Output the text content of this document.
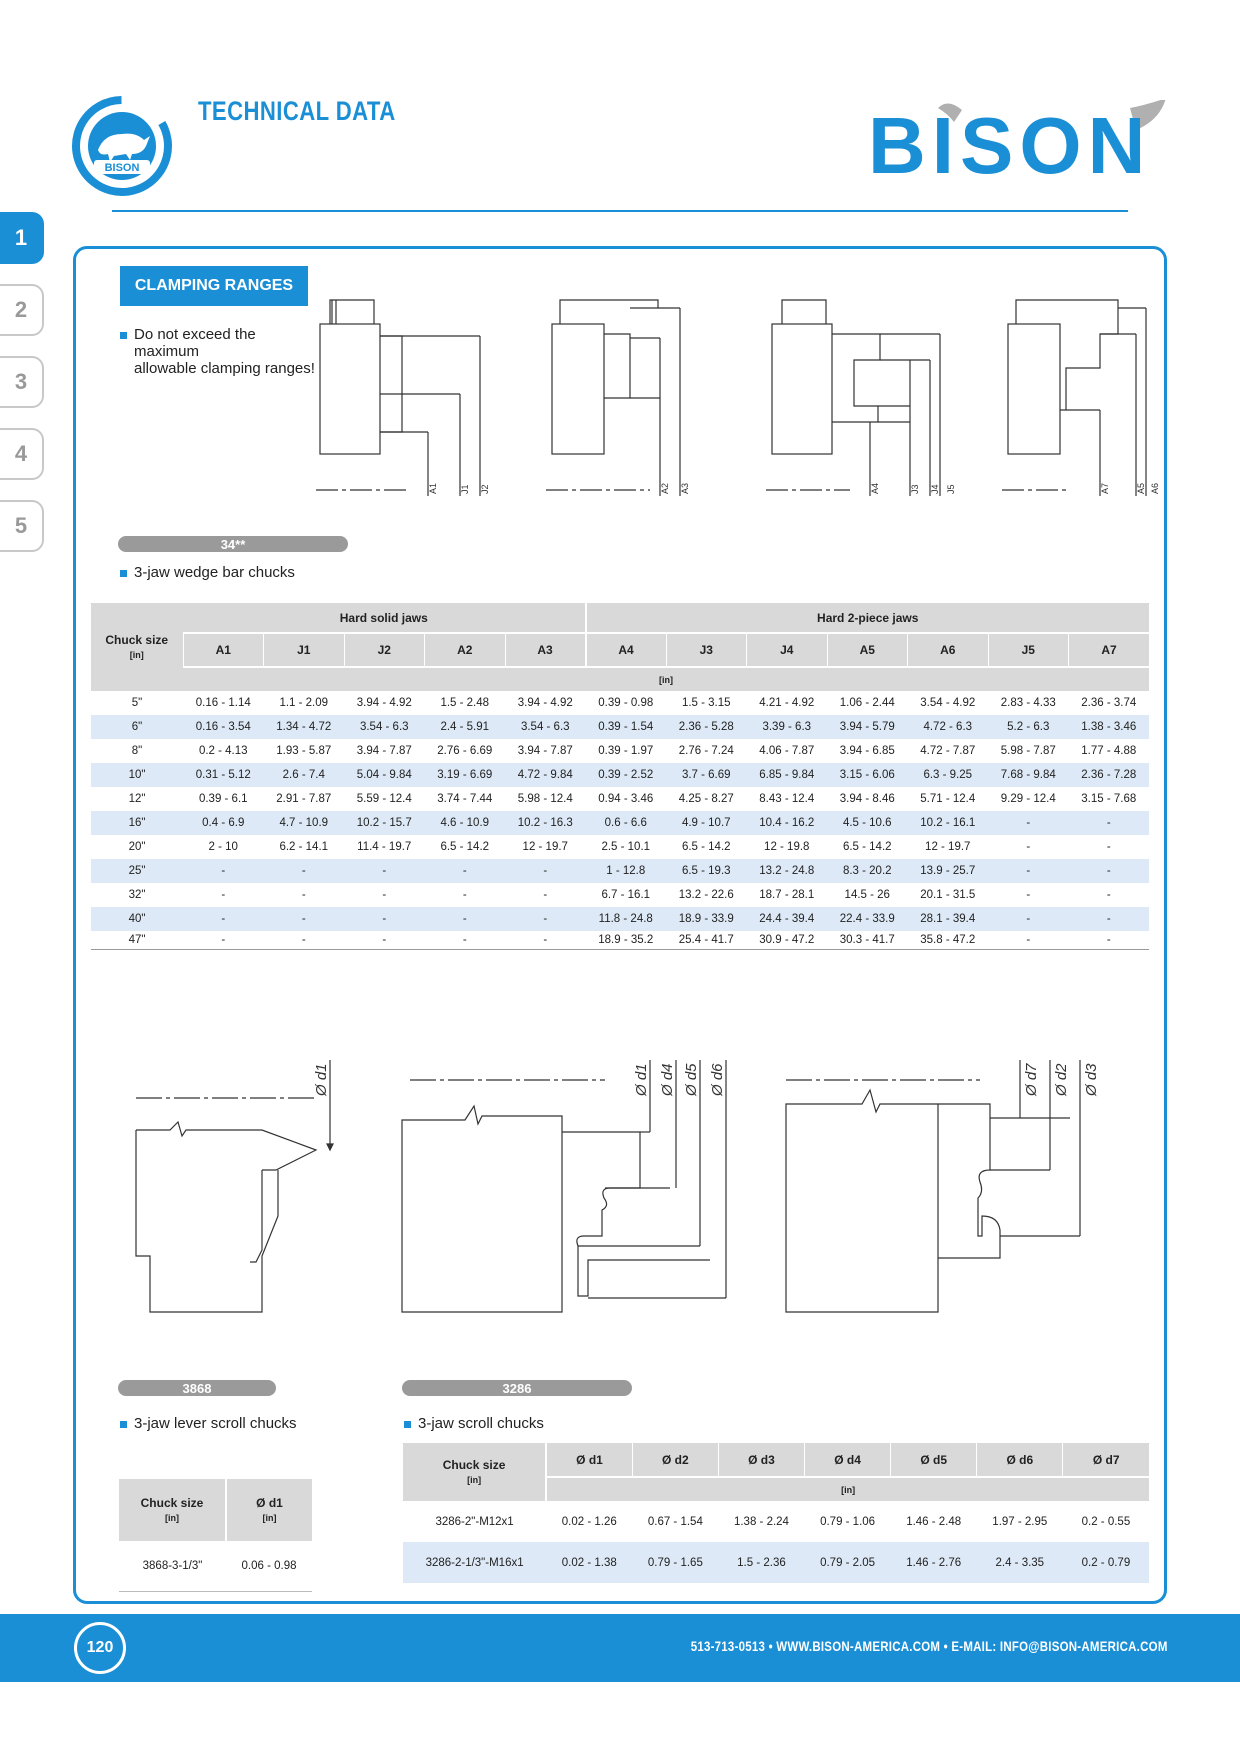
BISON
TECHNICAL DATA	BISON
1
2
3
4
5
CLAMPING RANGES
Do not exceed the maximum
allowable clamping ranges!
A1 J1 J2	A2 A3	A4	J3 J4 J5	A7	A5 A6
34**
3-jaw wedge bar chucks
Chuck size
[in]	Hard solid jaws					Hard 2-piece jaws						
	A1	J1	J2	A2	A3	A4	J3	J4	A5	A6	J5	A7
	[in]											
5"	0.16 - 1.14	1.1 - 2.09	3.94 - 4.92	1.5 - 2.48	3.94 - 4.92	0.39 - 0.98	1.5 - 3.15	4.21 - 4.92	1.06 - 2.44	3.54 - 4.92	2.83 - 4.33	2.36 - 3.74
6"	0.16 - 3.54	1.34 - 4.72	3.54 - 6.3	2.4 - 5.91	3.54 - 6.3	0.39 - 1.54	2.36 - 5.28	3.39 - 6.3	3.94 - 5.79	4.72 - 6.3	5.2 - 6.3	1.38 - 3.46
8"	0.2 - 4.13	1.93 - 5.87	3.94 - 7.87	2.76 - 6.69	3.94 - 7.87	0.39 - 1.97	2.76 - 7.24	4.06 - 7.87	3.94 - 6.85	4.72 - 7.87	5.98 - 7.87	1.77 - 4.88
10"	0.31 - 5.12	2.6 - 7.4	5.04 - 9.84	3.19 - 6.69	4.72 - 9.84	0.39 - 2.52	3.7 - 6.69	6.85 - 9.84	3.15 - 6.06	6.3 - 9.25	7.68 - 9.84	2.36 - 7.28
12"	0.39 - 6.1	2.91 - 7.87	5.59 - 12.4	3.74 - 7.44	5.98 - 12.4	0.94 - 3.46	4.25 - 8.27	8.43 - 12.4	3.94 - 8.46	5.71 - 12.4	9.29 - 12.4	3.15 - 7.68
16"	0.4 - 6.9	4.7 - 10.9	10.2 - 15.7	4.6 - 10.9	10.2 - 16.3	0.6 - 6.6	4.9 - 10.7	10.4 - 16.2	4.5 - 10.6	10.2 - 16.1	-	-
20"	2 - 10	6.2 - 14.1	11.4 - 19.7	6.5 - 14.2	12 - 19.7	2.5 - 10.1	6.5 - 14.2	12 - 19.8	6.5 - 14.2	12 - 19.7	-	-
25"	-	-	-	-	-	1 - 12.8	6.5 - 19.3	13.2 - 24.8	8.3 - 20.2	13.9 - 25.7	-	-
32"	-	-	-	-	-	6.7 - 16.1	13.2 - 22.6	18.7 - 28.1	14.5 - 26	20.1 - 31.5	-	-
40"	-	-	-	-	-	11.8 - 24.8	18.9 - 33.9	24.4 - 39.4	22.4 - 33.9	28.1 - 39.4	-	-
47"	-	-	-	-	-	18.9 - 35.2	25.4 - 41.7	30.9 - 47.2	30.3 - 41.7	35.8 - 47.2	-	-
Ø d1	Ø d1 Ø d4 Ø d5 Ø d6	Ø d7 Ø d2 Ø d3
3868
3-jaw lever scroll chucks
Chuck size
[in]	Ø d1
[in]
3868-3-1/3"	0.06 - 0.98
3286
3-jaw scroll chucks
Chuck size
[in]	Ø d1	Ø d2	Ø d3	Ø d4	Ø d5	Ø d6	Ø d7
	[in]						
3286-2"-M12x1	0.02 - 1.26	0.67 - 1.54	1.38 - 2.24	0.79 - 1.06	1.46 - 2.48	1.97 - 2.95	0.2 - 0.55
3286-2-1/3"-M16x1	0.02 - 1.38	0.79 - 1.65	1.5 - 2.36	0.79 - 2.05	1.46 - 2.76	2.4 - 3.35	0.2 - 0.79
120	513-713-0513 • WWW.BISON-AMERICA.COM • E-MAIL: INFO@BISON-AMERICA.COM
